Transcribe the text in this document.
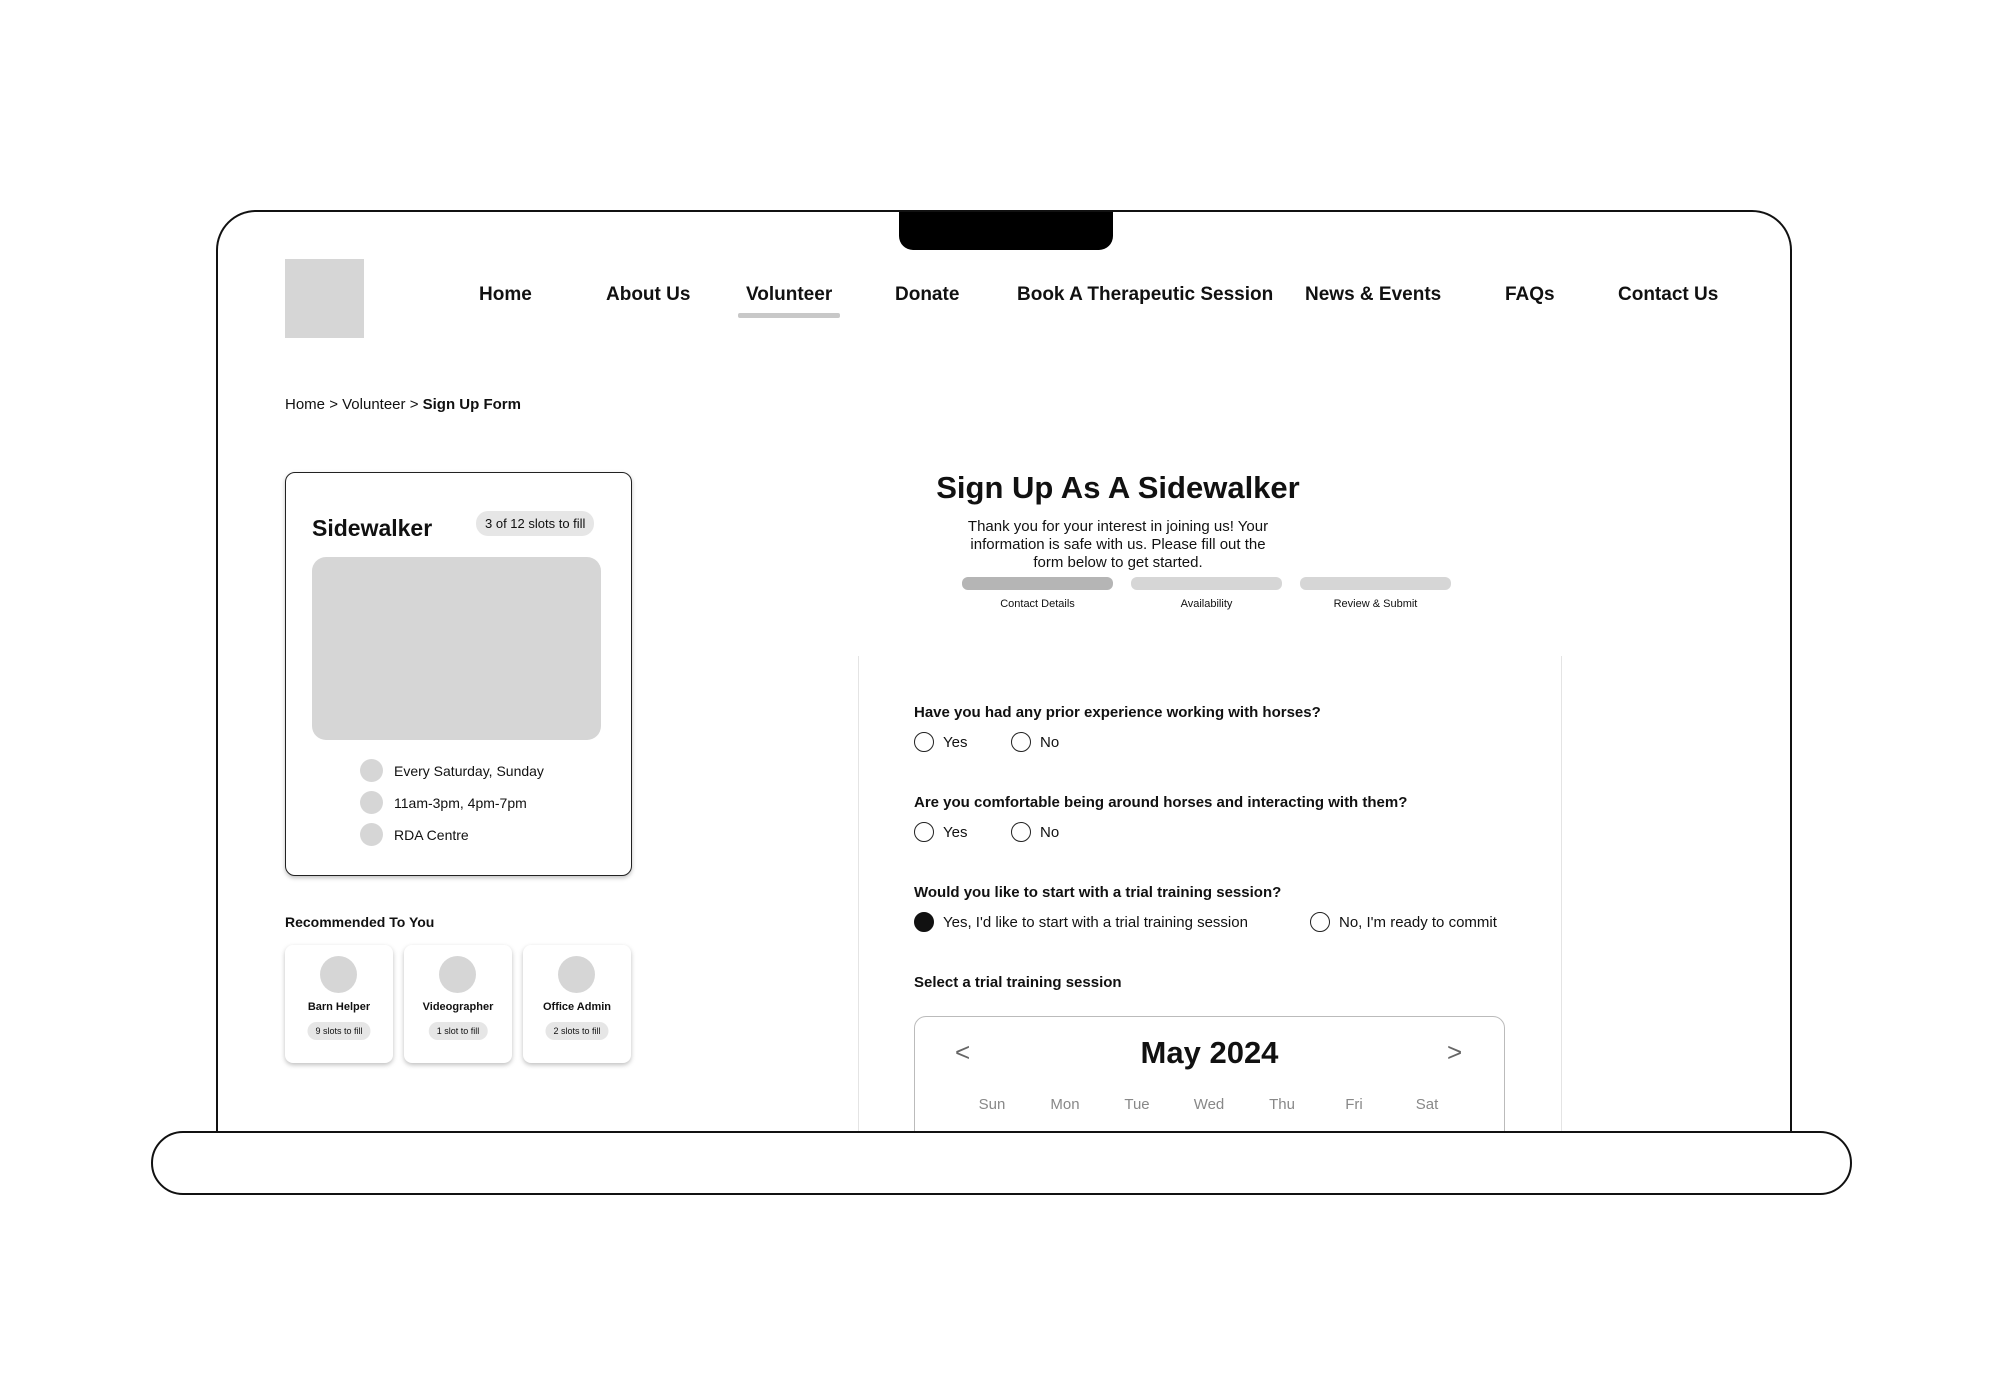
Home	About Us	Volunteer	Donate	Book A Therapeutic Session News & Events	FAQs	Contact Us
Home > Volunteer > Sign Up Form
Sidewalker	3 of 12 slots to fill
Every Saturday, Sunday
11am-3pm, 4pm-7pm
RDA Centre
Recommended To You
Barn Helper
9 slots to fill
Videographer
1 slot to fill
Office Admin
2 slots to fill
Sign Up As A Sidewalker
Thank you for your interest in joining us! Your information is safe with us. Please fill out the form below to get started.
Contact Details	Availability	Review & Submit
Have you had any prior experience working with horses?
Yes	No
Are you comfortable being around horses and interacting with them?
Yes	No
Would you like to start with a trial training session?
Yes, I'd like to start with a trial training session	No, I'm ready to commit
Select a trial training session
<	May 2024	>
Sun	Mon	Tue	Wed	Thu	Fri	Sat
